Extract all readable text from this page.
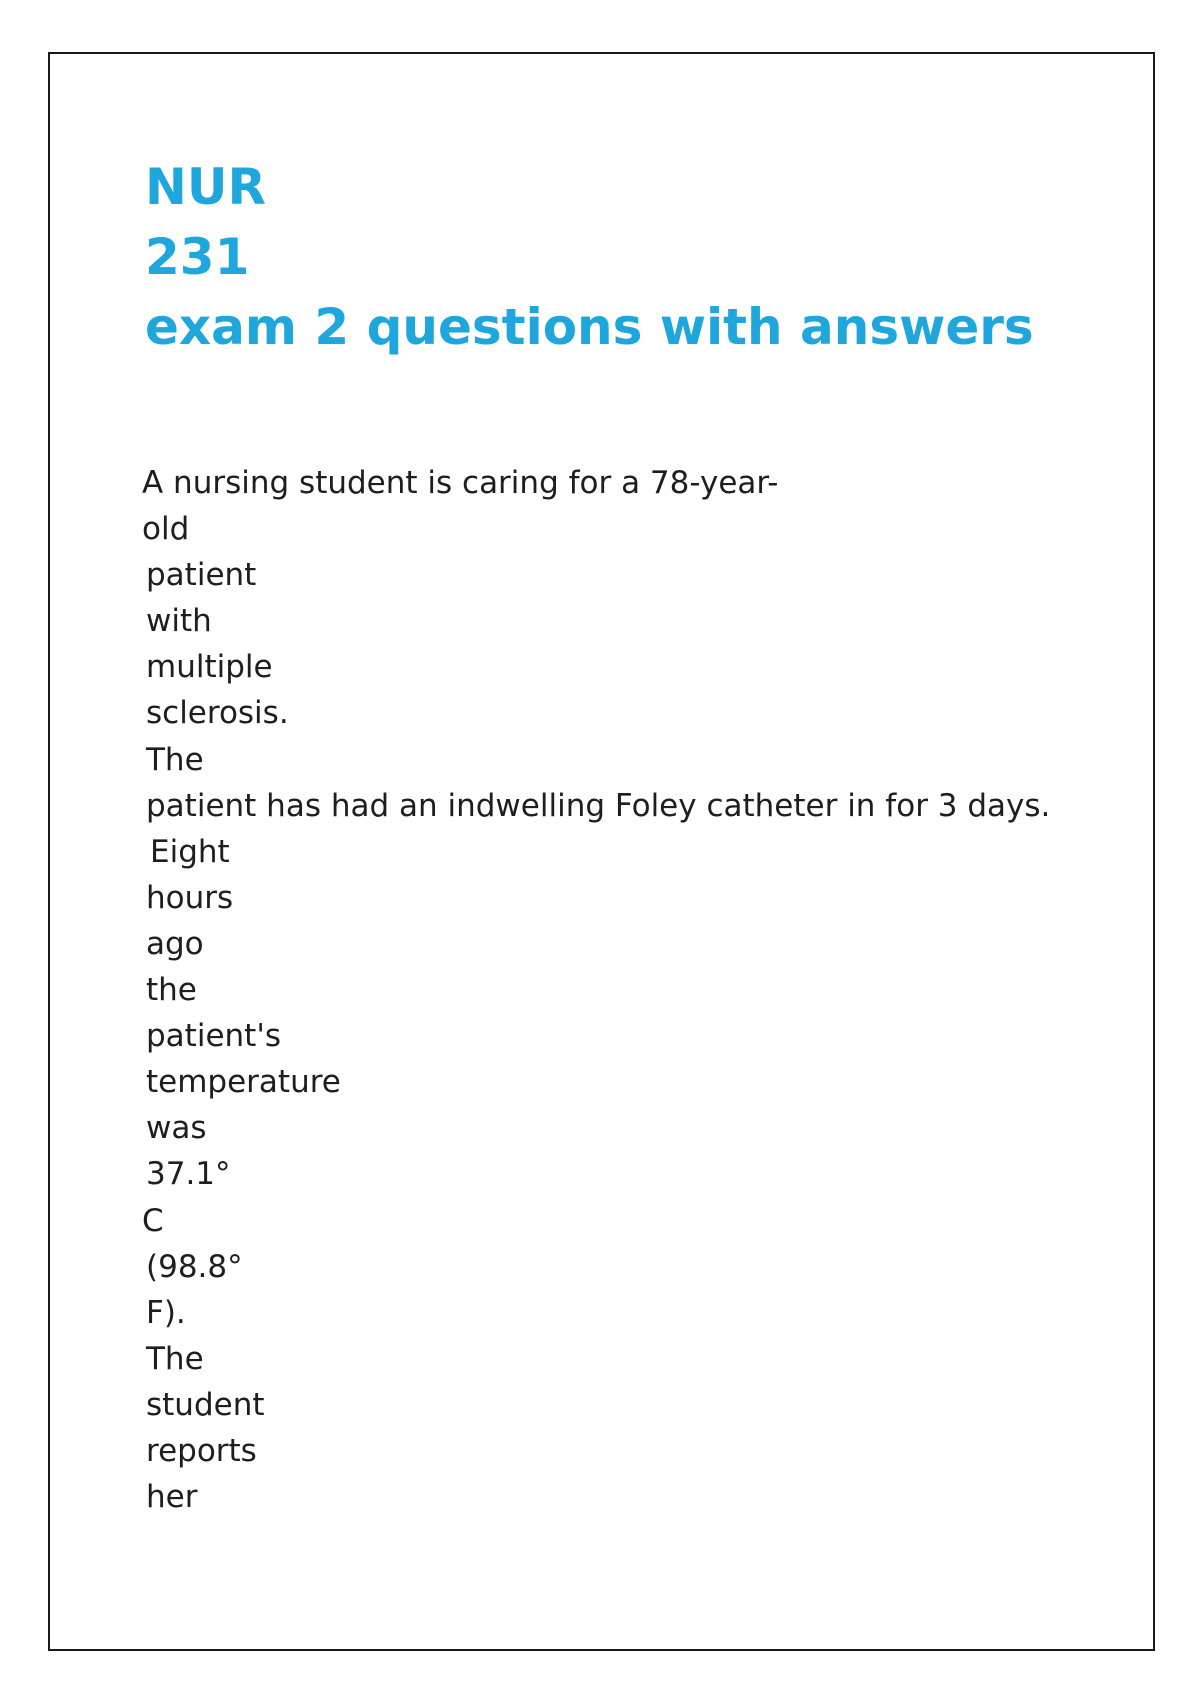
NUR
231
exam 2 questions with answers
A nursing student is caring for a 78-year-
old
patient
with
multiple
sclerosis.
The
patient has had an indwelling Foley catheter in for 3 days.
Eight
hours
ago
the
patient's
temperature
was
37.1°
C
(98.8°
F).
The
student
reports
her
